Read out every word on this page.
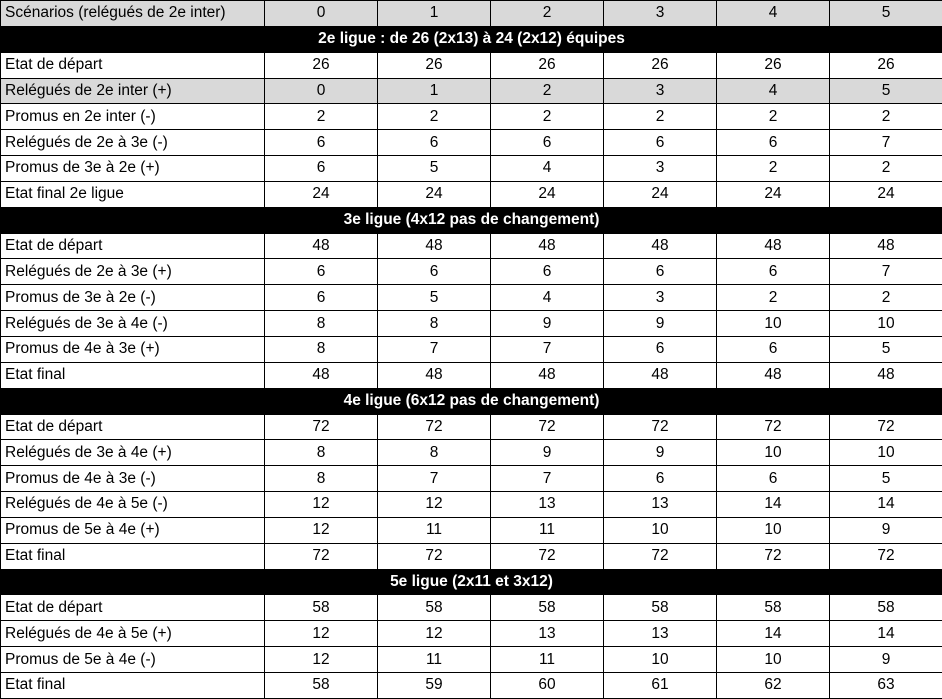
Scénarios (relégués de 2e inter)	0	1	2	3	4	5
2e ligue : de 26 (2x13) à 24 (2x12) équipes						
Etat de départ	26	26	26	26	26	26
Relégués de 2e inter (+)	0	1	2	3	4	5
Promus en 2e inter (-)	2	2	2	2	2	2
Relégués de 2e à 3e (-)	6	6	6	6	6	7
Promus de 3e à 2e (+)	6	5	4	3	2	2
Etat final 2e ligue	24	24	24	24	24	24
3e ligue (4x12 pas de changement)						
Etat de départ	48	48	48	48	48	48
Relégués de 2e à 3e (+)	6	6	6	6	6	7
Promus de 3e à 2e (-)	6	5	4	3	2	2
Relégués de 3e à 4e (-)	8	8	9	9	10	10
Promus de 4e à 3e (+)	8	7	7	6	6	5
Etat final	48	48	48	48	48	48
4e ligue (6x12 pas de changement)						
Etat de départ	72	72	72	72	72	72
Relégués de 3e à 4e (+)	8	8	9	9	10	10
Promus de 4e à 3e (-)	8	7	7	6	6	5
Relégués de 4e à 5e (-)	12	12	13	13	14	14
Promus de 5e à 4e (+)	12	11	11	10	10	9
Etat final	72	72	72	72	72	72
5e ligue (2x11 et 3x12)						
Etat de départ	58	58	58	58	58	58
Relégués de 4e à 5e (+)	12	12	13	13	14	14
Promus de 5e à 4e (-)	12	11	11	10	10	9
Etat final	58	59	60	61	62	63
